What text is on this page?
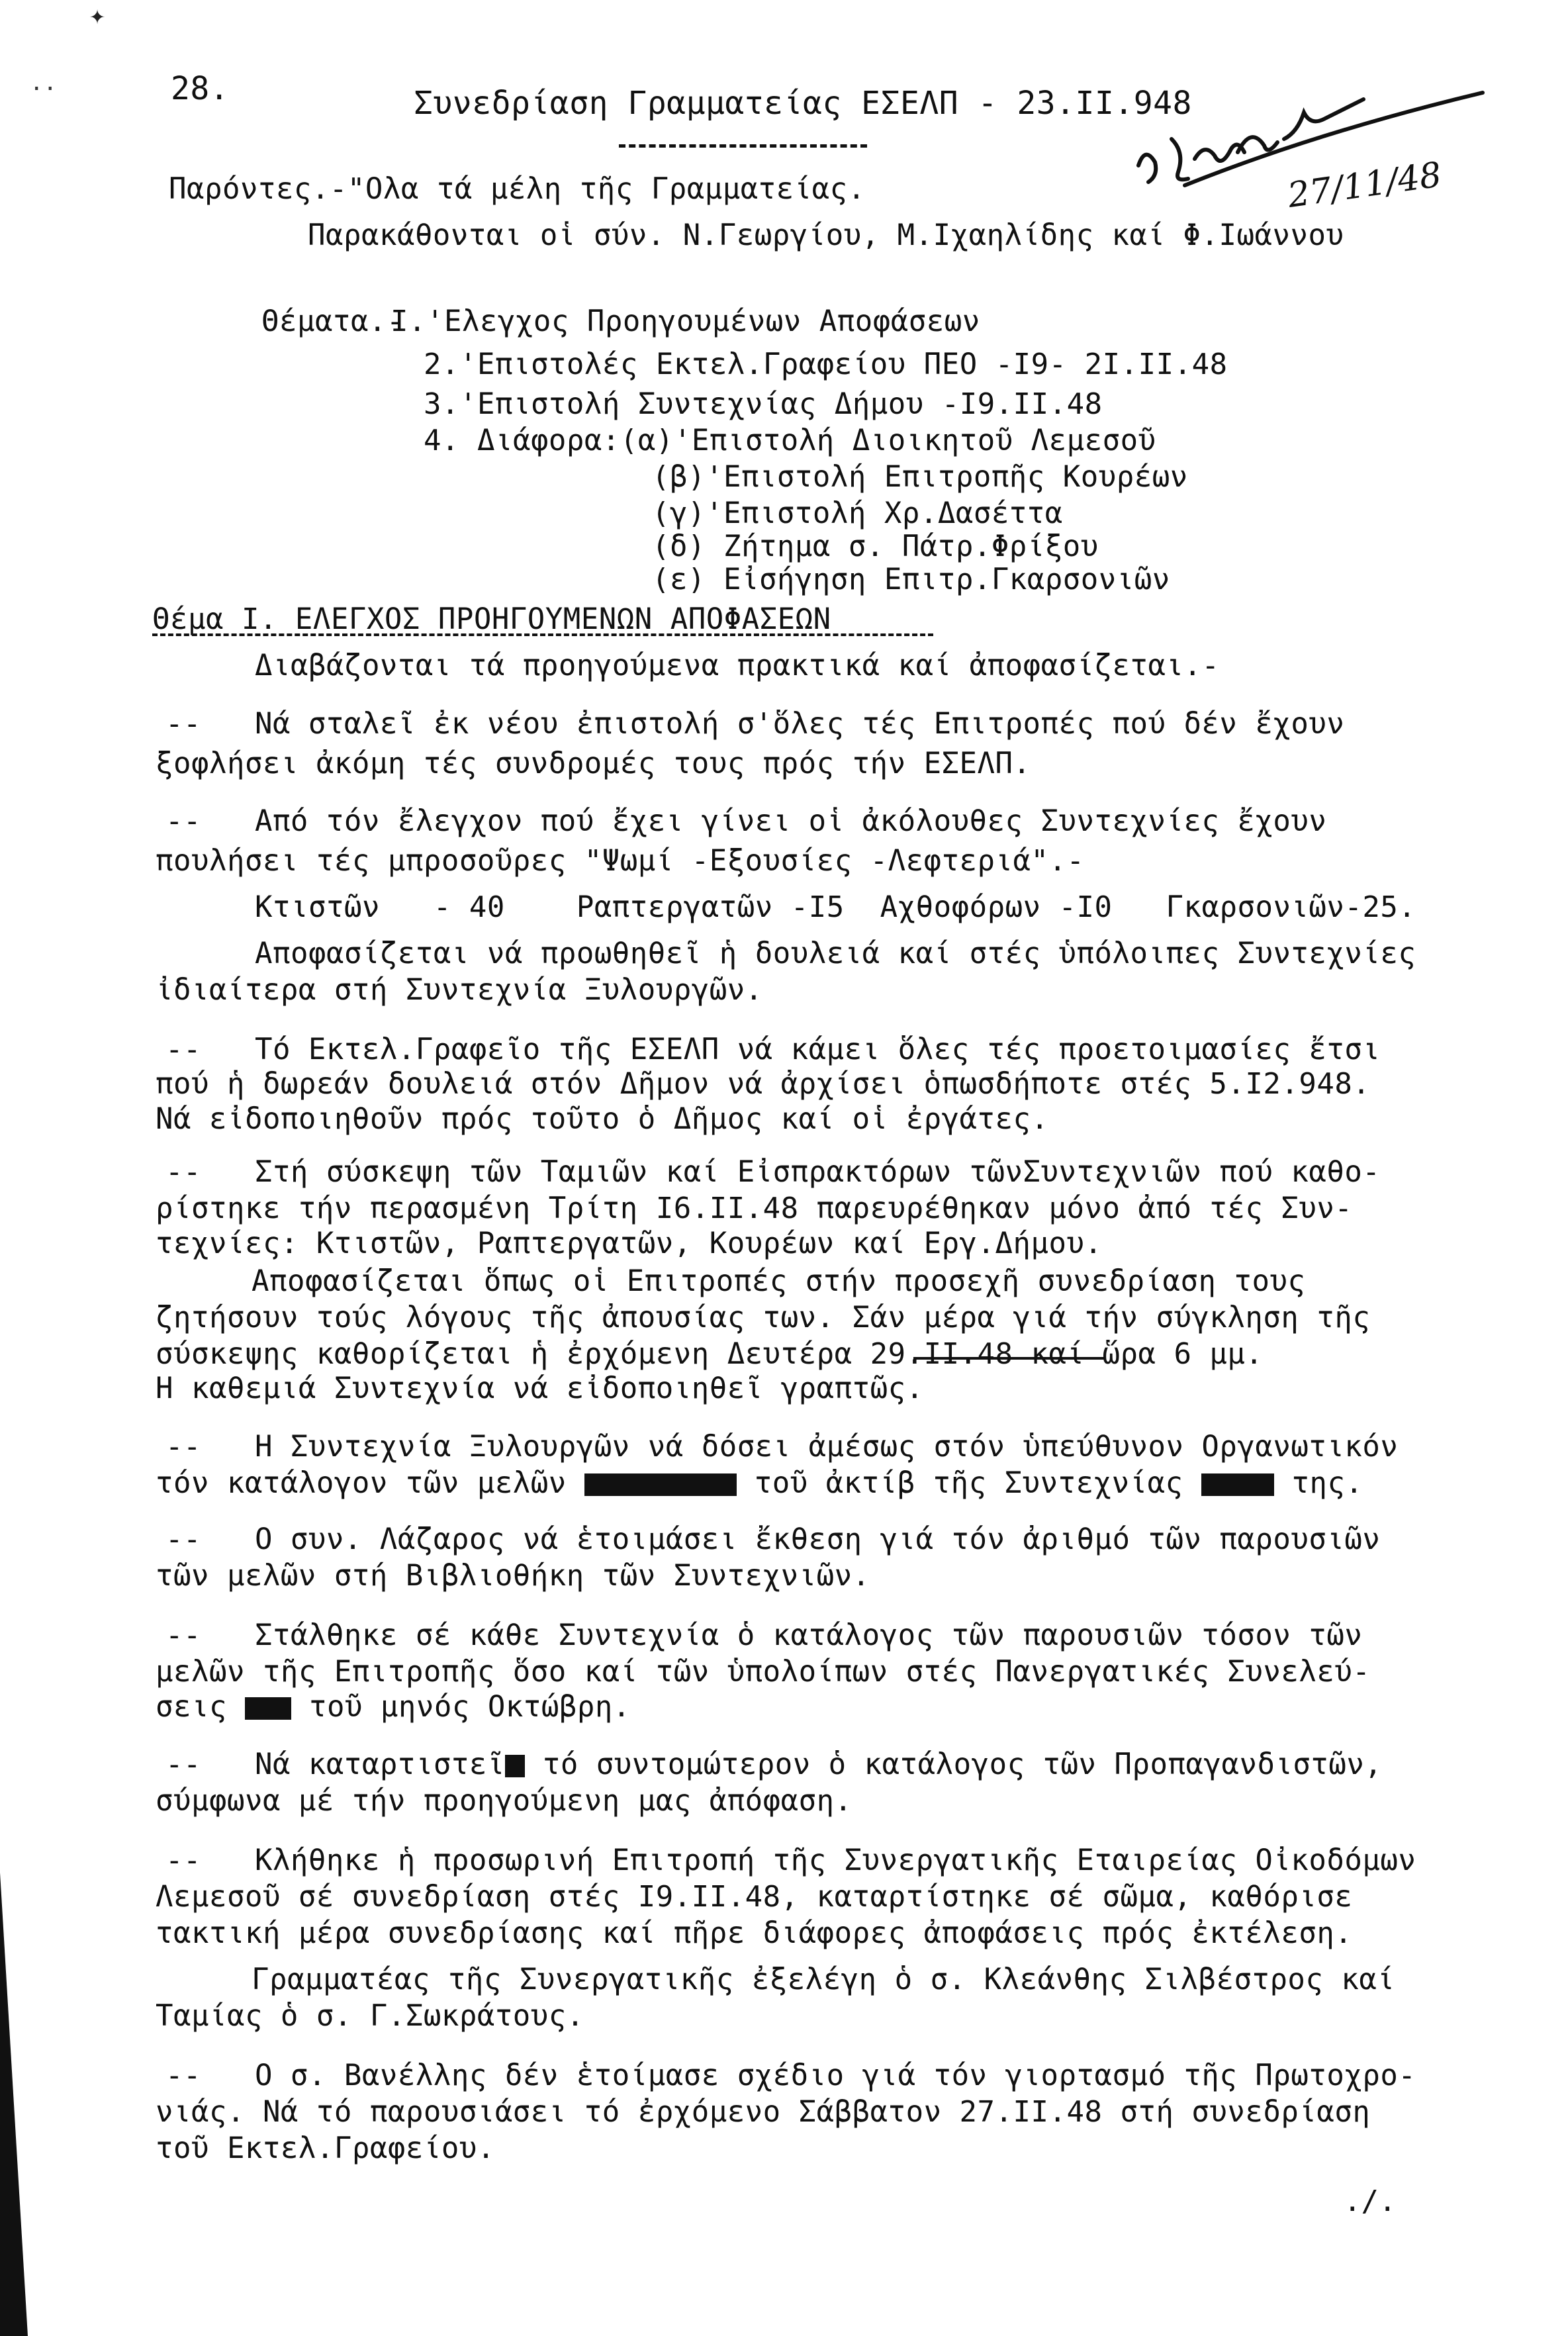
✦
..	28.	Συνεδρίαση Γραμματείας ΕΣΕΛΠ - 23.II.948
27/11/48
Παρόντες.-"Ολα τά μέλη τῆς Γραμματείας.
Παρακάθονται οἱ σύν. Ν.Γεωργίου, Μ.Ιχαηλίδης καί Φ.Ιωάννου
Θέματα.-
I.'Ελεγχος Προηγουμένων Αποφάσεων
2.'Επιστολές Εκτελ.Γραφείου ΠΕΟ -I9- 2I.II.48
3.'Επιστολή Συντεχνίας Δήμου -I9.II.48
4. Διάφορα:(α)'Επιστολή Διοικητοῦ Λεμεσοῦ
(β)'Επιστολή Επιτροπῆς Κουρέων
(γ)'Επιστολή Χρ.Δασέττα
(δ) Ζήτημα σ. Πάτρ.Φρίξου
(ε) Εἰσήγηση Επιτρ.Γκαρσονιῶν
Θέμα I. ΕΛΕΓΧΟΣ ΠΡΟΗΓΟΥΜΕΝΩΝ ΑΠΟΦΑΣΕΩΝ
Διαβάζονται τά προηγούμενα πρακτικά καί ἀποφασίζεται.-
--   Νά σταλεῖ ἐκ νέου ἐπιστολή σ'ὅλες τές Επιτροπές πού δέν ἔχουν
ξοφλήσει ἀκόμη τές συνδρομές τους πρός τήν ΕΣΕΛΠ.
--   Από τόν ἔλεγχον πού ἔχει γίνει οἱ ἀκόλουθες Συντεχνίες ἔχουν
πουλήσει τές μπροσοῦρες "Ψωμί -Εξουσίες -Λεφτεριά".-
Κτιστῶν   - 40    Ραπτεργατῶν -I5  Αχθοφόρων -I0   Γκαρσονιῶν-25.
Αποφασίζεται νά προωθηθεῖ ἡ δουλειά καί στές ὑπόλοιπες Συντεχνίες
ἰδιαίτερα στή Συντεχνία Ξυλουργῶν.
--   Τό Εκτελ.Γραφεῖο τῆς ΕΣΕΛΠ νά κάμει ὅλες τές προετοιμασίες ἔτσι
πού ἡ δωρεάν δουλειά στόν Δῆμον νά ἀρχίσει ὁπωσδήποτε στές 5.I2.948.
Νά εἰδοποιηθοῦν πρός τοῦτο ὁ Δῆμος καί οἱ ἐργάτες.
--   Στή σύσκεψη τῶν Ταμιῶν καί Εἰσπρακτόρων τῶνΣυντεχνιῶν πού καθο-
ρίστηκε τήν περασμένη Τρίτη I6.II.48 παρευρέθηκαν μόνο ἀπό τές Συν-
τεχνίες: Κτιστῶν, Ραπτεργατῶν, Κουρέων καί Εργ.Δήμου.
Αποφασίζεται ὅπως οἱ Επιτροπές στήν προσεχῆ συνεδρίαση τους
ζητήσουν τούς λόγους τῆς ἀπουσίας των. Σάν μέρα γιά τήν σύγκληση τῆς
σύσκεψης καθορίζεται ἡ ἐρχόμενη Δευτέρα 29.II.48 καί ὥρα 6 μμ.
Η καθεμιά Συντεχνία νά εἰδοποιηθεῖ γραπτῶς.
--   Η Συντεχνία Ξυλουργῶν νά δόσει ἀμέσως στόν ὑπεύθυνον Οργανωτικόν
τόν κατάλογον τῶν μελῶν	τοῦ ἀκτίβ τῆς Συντεχνίας	της.
--   Ο συν. Λάζαρος νά ἑτοιμάσει ἔκθεση γιά τόν ἀριθμό τῶν παρουσιῶν
τῶν μελῶν στή Βιβλιοθήκη τῶν Συντεχνιῶν.
--   Στάλθηκε σέ κάθε Συντεχνία ὁ κατάλογος τῶν παρουσιῶν τόσον τῶν
μελῶν τῆς Επιτροπῆς ὅσο καί τῶν ὑπολοίπων στές Πανεργατικές Συνελεύ-
σεις	τοῦ μηνός Οκτώβρη.
--   Νά καταρτιστεῖ τό συντομώτερον ὁ κατάλογος τῶν Προπαγανδιστῶν,
σύμφωνα μέ τήν προηγούμενη μας ἀπόφαση.
--   Κλήθηκε ἡ προσωρινή Επιτροπή τῆς Συνεργατικῆς Εταιρείας Οἰκοδόμων
Λεμεσοῦ σέ συνεδρίαση στές I9.II.48, καταρτίστηκε σέ σῶμα, καθόρισε
τακτική μέρα συνεδρίασης καί πῆρε διάφορες ἀποφάσεις πρός ἐκτέλεση.
Γραμματέας τῆς Συνεργατικῆς ἐξελέγη ὁ σ. Κλεάνθης Σιλβέστρος καί
Ταμίας ὁ σ. Γ.Σωκράτους.
--   Ο σ. Βανέλλης δέν ἑτοίμασε σχέδιο γιά τόν γιορτασμό τῆς Πρωτοχρο-
νιάς. Νά τό παρουσιάσει τό ἐρχόμενο Σάββατον 27.II.48 στή συνεδρίαση
τοῦ Εκτελ.Γραφείου.
./.
